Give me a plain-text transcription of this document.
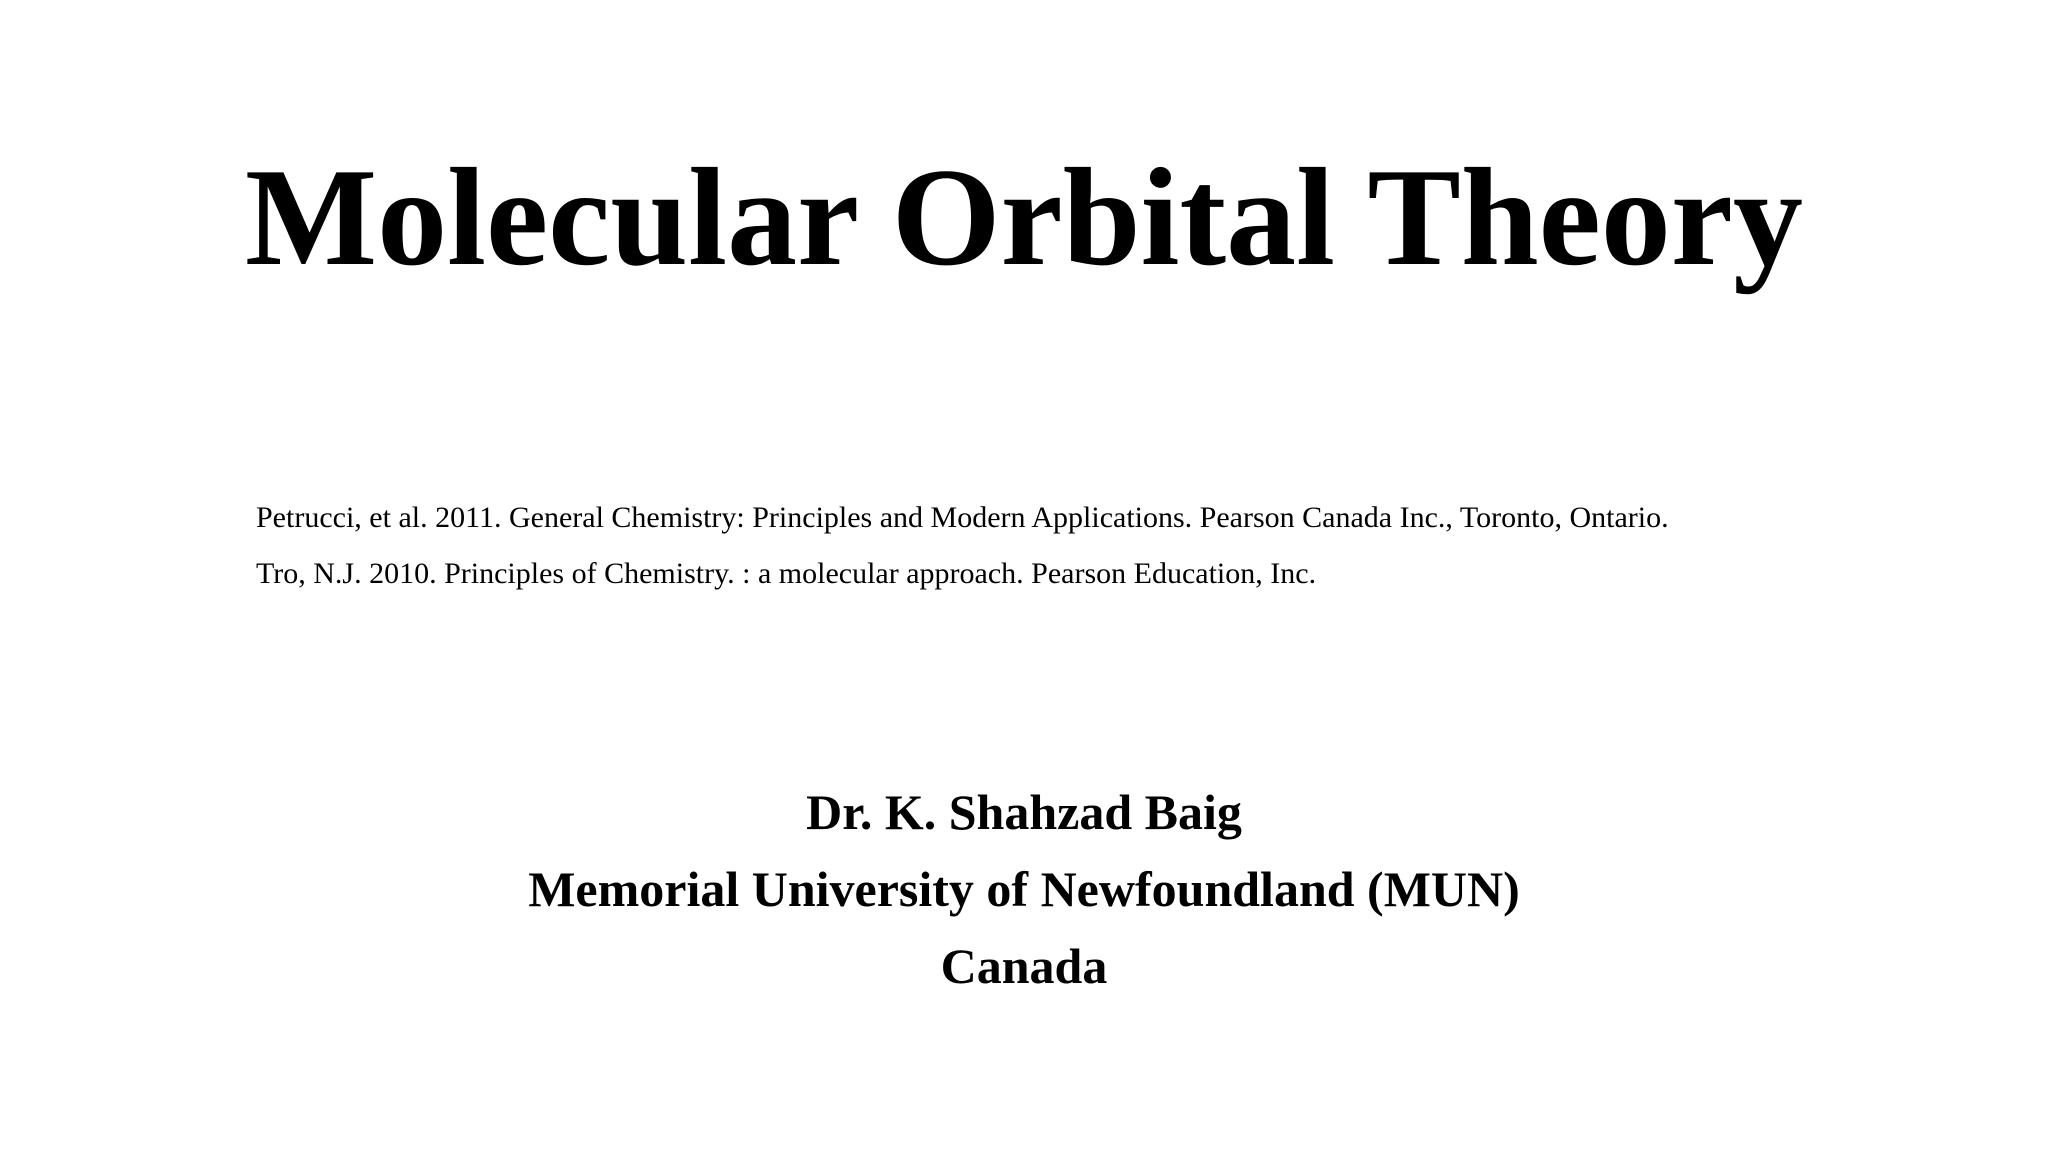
Molecular Orbital Theory
Petrucci, et al. 2011. General Chemistry: Principles and Modern Applications. Pearson Canada Inc., Toronto, Ontario.
Tro, N.J. 2010. Principles of Chemistry. : a molecular approach. Pearson Education, Inc.
Dr. K. Shahzad Baig
Memorial University of Newfoundland (MUN)
Canada
